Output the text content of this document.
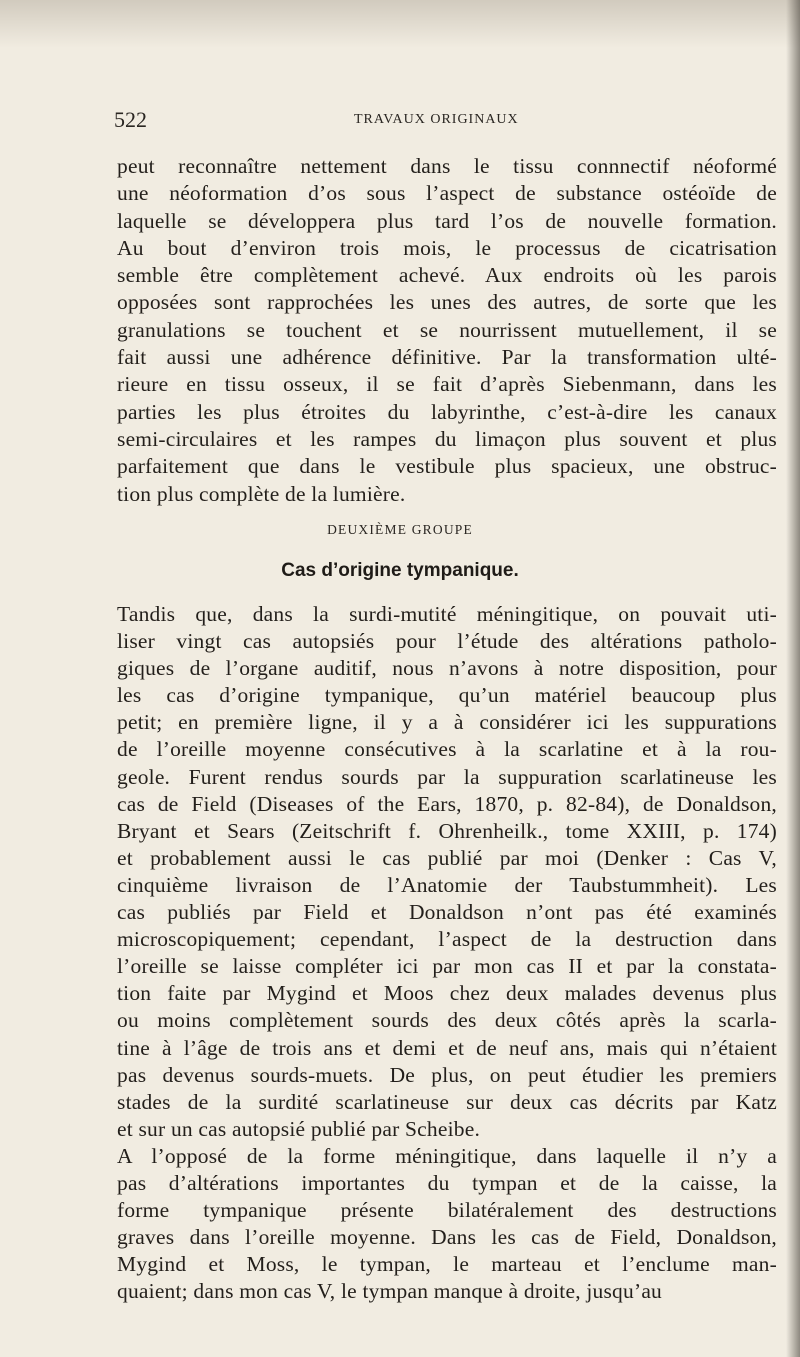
522	TRAVAUX ORIGINAUX
peut reconnaître nettement dans le tissu connnectif néoformé
une néoformation d’os sous l’aspect de substance ostéoïde de
laquelle se développera plus tard l’os de nouvelle formation.
Au bout d’environ trois mois, le processus de cicatrisation
semble être complètement achevé. Aux endroits où les parois
opposées sont rapprochées les unes des autres, de sorte que les
granulations se touchent et se nourrissent mutuellement, il se
fait aussi une adhérence définitive. Par la transformation ulté-
rieure en tissu osseux, il se fait d’après Siebenmann, dans les
parties les plus étroites du labyrinthe, c’est-à-dire les canaux
semi-circulaires et les rampes du limaçon plus souvent et plus
parfaitement que dans le vestibule plus spacieux, une obstruc-
tion plus complète de la lumière.
DEUXIÈME GROUPE
Cas d’origine tympanique.
Tandis que, dans la surdi-mutité méningitique, on pouvait uti-
liser vingt cas autopsiés pour l’étude des altérations patholo-
giques de l’organe auditif, nous n’avons à notre disposition, pour
les cas d’origine tympanique, qu’un matériel beaucoup plus
petit; en première ligne, il y a à considérer ici les suppurations
de l’oreille moyenne consécutives à la scarlatine et à la rou-
geole. Furent rendus sourds par la suppuration scarlatineuse les
cas de Field (Diseases of the Ears, 1870, p. 82-84), de Donaldson,
Bryant et Sears (Zeitschrift f. Ohrenheilk., tome XXIII, p. 174)
et probablement aussi le cas publié par moi (Denker : Cas V,
cinquième livraison de l’Anatomie der Taubstummheit). Les
cas publiés par Field et Donaldson n’ont pas été examinés
microscopiquement; cependant, l’aspect de la destruction dans
l’oreille se laisse compléter ici par mon cas II et par la constata-
tion faite par Mygind et Moos chez deux malades devenus plus
ou moins complètement sourds des deux côtés après la scarla-
tine à l’âge de trois ans et demi et de neuf ans, mais qui n’étaient
pas devenus sourds-muets. De plus, on peut étudier les premiers
stades de la surdité scarlatineuse sur deux cas décrits par Katz
et sur un cas autopsié publié par Scheibe.
A l’opposé de la forme méningitique, dans laquelle il n’y a
pas d’altérations importantes du tympan et de la caisse, la
forme tympanique présente bilatéralement des destructions
graves dans l’oreille moyenne. Dans les cas de Field, Donaldson,
Mygind et Moss, le tympan, le marteau et l’enclume man-
quaient; dans mon cas V, le tympan manque à droite, jusqu’au
